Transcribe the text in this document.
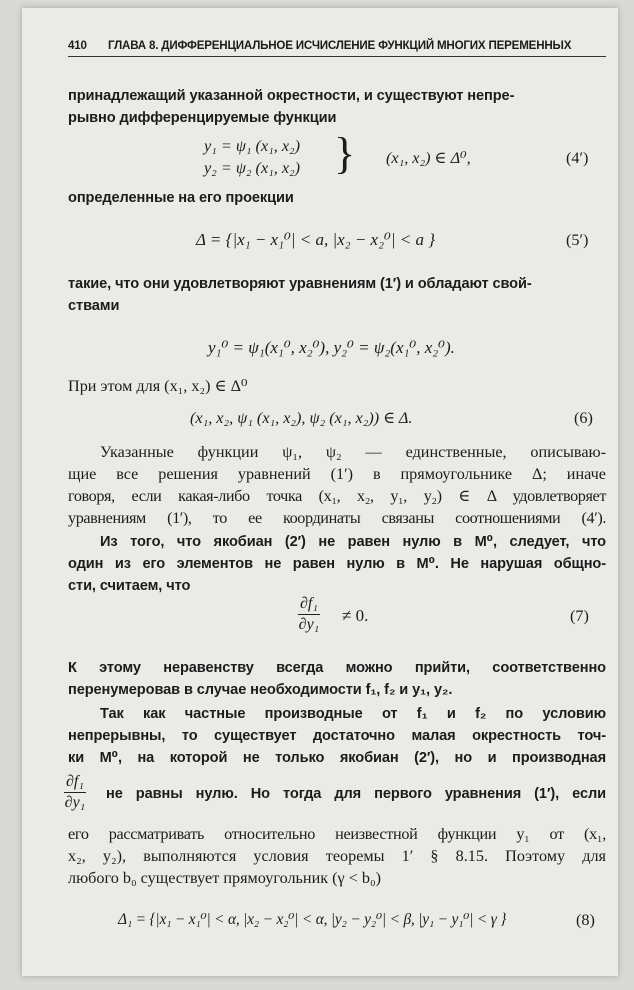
410 ГЛАВА 8. ДИФФЕРЕНЦИАЛЬНОЕ ИСЧИСЛЕНИЕ ФУНКЦИЙ МНОГИХ ПЕРЕМЕННЫХ
принадлежащий указанной окрестности, и существуют непре-
рывно дифференцируемые функции
y₁ = ψ₁ (x₁, x₂)
y₂ = ψ₂ (x₁, x₂) } (x₁, x₂) ∈ Δ⁰,	(4′)
определенные на его проекции
Δ = {|x₁ − x₁⁰| < a, |x₂ − x₂⁰| < a }	(5′)
такие, что они удовлетворяют уравнениям (1′) и обладают свой-
ствами
y₁⁰ = ψ₁(x₁⁰, x₂⁰), y₂⁰ = ψ₂(x₁⁰, x₂⁰).
При этом для (x₁, x₂) ∈ Δ⁰
(x₁, x₂, ψ₁ (x₁, x₂), ψ₂ (x₁, x₂)) ∈ Δ.	(6)
Указанные функции ψ₁, ψ₂ — единственные, описываю-
щие все решения уравнений (1′) в прямоугольнике Δ; иначе
говоря, если какая-либо точка (x₁, x₂, y₁, y₂) ∈ Δ удовлетворяет
уравнениям (1′), то ее координаты связаны соотношениями (4′).
Из того, что якобиан (2′) не равен нулю в M⁰, следует, что
один из его элементов не равен нулю в M⁰. Не нарушая общно-
сти, считаем, что
$\frac{\text{∂f₁}}{\text{∂y₁}} \ne 0$.	(7)
К этому неравенству всегда можно прийти, соответственно
перенумеровав в случае необходимости f₁, f₂ и y₁, y₂.
Так как частные производные от f₁ и f₂ по условию
непрерывны, то существует достаточно малая окрестность точ-
ки M⁰, на которой не только якобиан (2′), но и производная
$\frac{\text{∂f₁}}{\text{∂y₁}}$ не равны нулю. Но тогда для первого уравнения (1′), если
его рассматривать относительно неизвестной функции y₁ от (x₁,
x₂, y₂), выполняются условия теоремы 1′ § 8.15. Поэтому для
любого b₀ существует прямоугольник (γ < b₀)
Δ₁ = {|x₁ − x₁⁰| < α, |x₂ − x₂⁰| < α, |y₂ − y₂⁰| < β, |y₁ − y₁⁰| < γ }	(8)
